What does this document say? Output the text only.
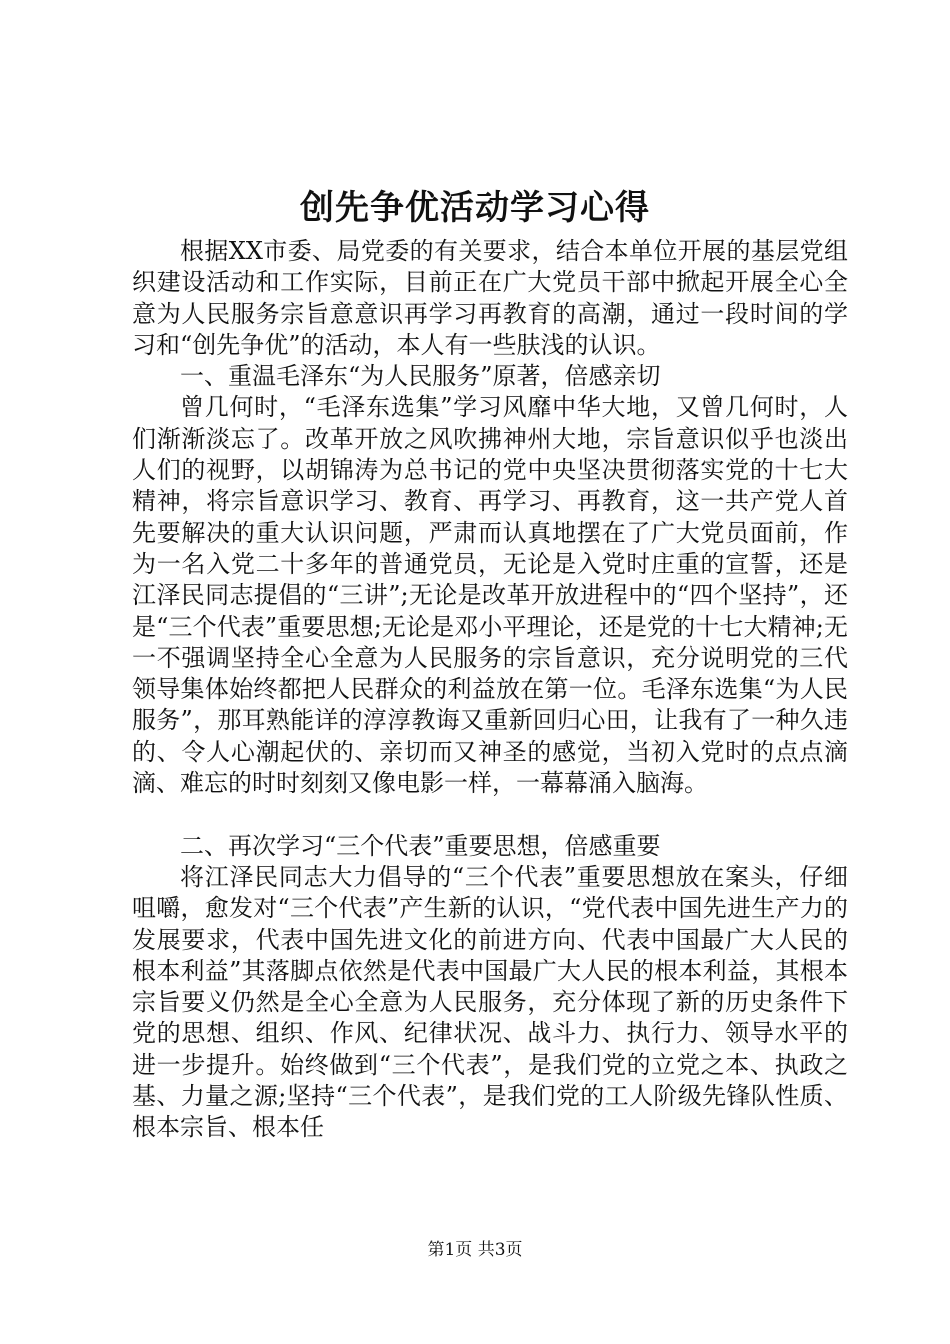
创先争优活动学习心得

根据XX市委、局党委的有关要求，结合本单位开展的基层党组织建设活动和工作实际，目前正在广大党员干部中掀起开展全心全意为人民服务宗旨意意识再学习再教育的高潮，通过一段时间的学习和“创先争优”的活动，本人有一些肤浅的认识。

一、重温毛泽东“为人民服务”原著，倍感亲切

曾几何时，“毛泽东选集”学习风靡中华大地，又曾几何时，人们渐渐淡忘了。改革开放之风吹拂神州大地，宗旨意识似乎也淡出人们的视野，以胡锦涛为总书记的党中央坚决贯彻落实党的十七大精神，将宗旨意识学习、教育、再学习、再教育，这一共产党人首先要解决的重大认识问题，严肃而认真地摆在了广大党员面前，作为一名入党二十多年的普通党员，无论是入党时庄重的宣誓，还是江泽民同志提倡的“三讲”;无论是改革开放进程中的“四个坚持”，还是“三个代表”重要思想;无论是邓小平理论，还是党的十七大精神;无一不强调坚持全心全意为人民服务的宗旨意识，充分说明党的三代领导集体始终都把人民群众的利益放在第一位。毛泽东选集“为人民服务”，那耳熟能详的淳淳教诲又重新回归心田，让我有了一种久违的、令人心潮起伏的、亲切而又神圣的感觉，当初入党时的点点滴滴、难忘的时时刻刻又像电影一样，一幕幕涌入脑海。

二、再次学习“三个代表”重要思想，倍感重要

将江泽民同志大力倡导的“三个代表”重要思想放在案头，仔细咀嚼，愈发对“三个代表”产生新的认识，“党代表中国先进生产力的发展要求，代表中国先进文化的前进方向、代表中国最广大人民的根本利益”其落脚点依然是代表中国最广大人民的根本利益，其根本宗旨要义仍然是全心全意为人民服务，充分体现了新的历史条件下党的思想、组织、作风、纪律状况、战斗力、执行力、领导水平的进一步提升。始终做到“三个代表”，是我们党的立党之本、执政之基、力量之源;坚持“三个代表”，是我们党的工人阶级先锋队性质、根本宗旨、根本任

第1页 共3页
